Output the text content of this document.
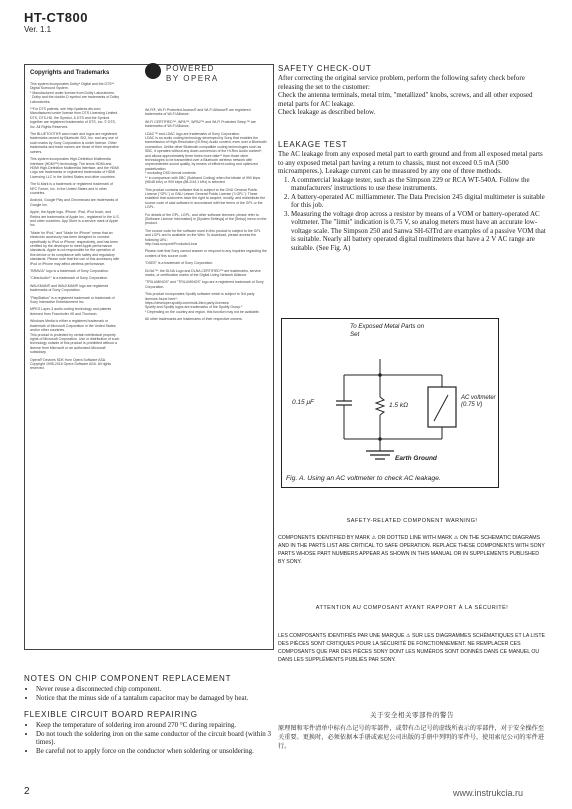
HT-CT800
Ver. 1.1
Copyrights and Trademarks

This system incorporates Dolby* Digital and the DTS** Digital Surround System.
* Manufactured under license from Dolby Laboratories.
Dolby and the double-D symbol are trademarks of Dolby Laboratories.

**For DTS patents, see http://patents.dts.com. Manufactured under license from DTS Licensing Limited. DTS, DTS-HD, the Symbol, & DTS and the Symbol together are registered trademarks of DTS, Inc. © DTS, Inc. All Rights Reserved.

The BLUETOOTH® word mark and logos are registered trademarks owned by Bluetooth SIG, Inc. and any use of such marks by Sony Corporation is under license. Other trademarks and trade names are those of their respective owners.

This system incorporates High-Definition Multimedia Interface (HDMI™) technology. The terms HDMI and HDMI High-Definition Multimedia Interface, and the HDMI Logo are trademarks or registered trademarks of HDMI Licensing LLC in the United States and other countries.

The N-Mark is a trademark or registered trademark of NFC Forum, Inc. in the United States and in other countries.

Android, Google Play and Chromecast are trademarks of Google Inc.

Apple, the Apple logo, iPhone, iPad, iPod touch, and Retina are trademarks of Apple Inc., registered in the U.S. and other countries. App Store is a service mark of Apple Inc.

"Made for iPod," and "Made for iPhone" mean that an electronic accessory has been designed to connect specifically to iPod or iPhone, respectively, and has been certified by the developer to meet Apple performance standards. Apple is not responsible for the operation of this device or its compliance with safety and regulatory standards. Please note that the use of this accessory with iPod or iPhone may affect wireless performance.

"BRAVIA" logo is a trademark of Sony Corporation.

"ClearAudio+" is a trademark of Sony Corporation.

WALKMAN® and WALKMAN® logo are registered trademarks of Sony Corporation.

"PlayStation" is a registered trademark or trademark of Sony Interactive Entertainment Inc.

MPEG Layer-3 audio coding technology and patents licensed from Fraunhofer IIS and Thomson.

Windows Media is either a registered trademark or trademark of Microsoft Corporation in the United States and/or other countries.
This product is protected by certain intellectual property rights of Microsoft Corporation. Use or distribution of such technology outside of this product is prohibited without a license from Microsoft or an authorized Microsoft subsidiary.

Opera® Devices SDK from Opera Software ASA. Copyright 1995-2016 Opera Software ASA. All rights reserved.

POWERED
BY OPERA

Wi-Fi®, Wi-Fi Protected Access® and Wi-Fi Alliance® are registered trademarks of Wi-Fi Alliance.

Wi-Fi CERTIFIED™, WPA™, WPA2™ and Wi-Fi Protected Setup™ are trademarks of Wi-Fi Alliance.

LDAC™ and LDAC logo are trademarks of Sony Corporation.
LDAC is an audio coding technology developed by Sony that enables the transmission of High-Resolution (Hi-Res) Audio content, even over a Bluetooth connection. Unlike other Bluetooth compatible coding technologies such as SBC, it operates without any down-conversion of the Hi-Res Audio content*, and allows approximately three times more data** than those other technologies to be transmitted over a Bluetooth wireless network with unprecedented sound quality, by means of efficient coding and optimized packetization.
* excluding DSD format contents
** in comparison with SBC (Subband Coding) when the bitrate of 990 kbps (96/48 kHz) or 909 kbps (88.2/44.1 kHz) is selected

This product contains software that is subject to the GNU General Public License ("GPL") or GNU Lesser General Public License ("LGPL"). These establish that customers have the right to acquire, modify, and redistribute the source code of said software in accordance with the terms of the GPL or the LGPL.

For details of the GPL, LGPL, and other software licenses, please refer to [Software License Information] in [System Settings] of the [Setup] menu on the product.

The source code for the software used in this product is subject to the GPL and LGPL and is available on the Web. To download, please access the following URL:
http://oss.sony.net/Products/Linux

Please note that Sony cannot answer or respond to any inquiries regarding the content of this source code.

"DSEE" is a trademark of Sony Corporation.

DLNA™, the DLNA Logo and DLNA CERTIFIED™ are trademarks, service marks, or certification marks of the Digital Living Network Alliance.

"TRILUMINOS" and "TRILUMINOS" logo are a registered trademark of Sony Corporation.

This product incorporates Spotify software which is subject to 3rd party licenses found here*:
https://developer.spotify.com/esdk-third-party-licenses/
Spotify and Spotify logos are trademarks of the Spotify Group.*
* Depending on the country and region, this function may not be available.

All other trademarks are trademarks of their respective owners.

NOTES ON CHIP COMPONENT REPLACEMENT
• Never reuse a disconnected chip component.
• Notice that the minus side of a tantalum capacitor may be damaged by heat.
FLEXIBLE CIRCUIT BOARD REPAIRING
• Keep the temperature of soldering iron around 270 °C during repairing.
• Do not touch the soldering iron on the same conductor of the circuit board (within 3 times).
• Be careful not to apply force on the conductor when soldering or unsoldering.
SAFETY CHECK-OUT

After correcting the original service problem, perform the following safety check before releasing the set to the customer:
Check the antenna terminals, metal trim, "metallized" knobs, screws, and all other exposed metal parts for AC leakage.
Check leakage as described below.

LEAKAGE TEST

The AC leakage from any exposed metal part to earth ground and from all exposed metal parts to any exposed metal part having a return to chassis, must not exceed 0.5 mA (500 microamperes.). Leakage current can be measured by any one of three methods.

1. A commercial leakage tester, such as the Simpson 229 or RCA WT-540A. Follow the manufacturers' instructions to use these instruments.
2. A battery-operated AC milliammeter. The Data Precision 245 digital multimeter is suitable for this job.
3. Measuring the voltage drop across a resistor by means of a VOM or battery-operated AC voltmeter. The "limit" indication is 0.75 V, so analog meters must have an accurate low-voltage scale. The Simpson 250 and Sanwa SH-63Trd are examples of a passive VOM that is suitable. Nearly all battery operated digital multimeters that have a 2 V AC range are suitable. (See Fig. A)
To Exposed Metal Parts on Set
0.15 μF	1.5 kΩ
AC voltmeter (0.75 V)
Earth Ground
Fig. A. Using an AC voltmeter to check AC leakage.
SAFETY-RELATED COMPONENT WARNING!
COMPONENTS IDENTIFIED BY MARK ⚠ OR DOTTED LINE WITH MARK ⚠ ON THE SCHEMATIC DIAGRAMS AND IN THE PARTS LIST ARE CRITICAL TO SAFE OPERATION. REPLACE THESE COMPONENTS WITH SONY PARTS WHOSE PART NUMBERS APPEAR AS SHOWN IN THIS MANUAL OR IN SUPPLEMENTS PUBLISHED BY SONY.
ATTENTION AU COMPOSANT AYANT RAPPORT À LA SÉCURITÉ!
LES COMPOSANTS IDENTIFIÉS PAR UNE MARQUE ⚠ SUR LES DIAGRAMMES SCHÉMATIQUES ET LA LISTE DES PIÈCES SONT CRITIQUES POUR LA SÉCURITÉ DE FONCTIONNEMENT. NE REMPLACER CES COMPOSANTS QUE PAR DES PIÈCES SONY DONT LES NUMÉROS SONT DONNÉS DANS CE MANUEL OU DANS LES SUPPLÉMENTS PUBLIÉS PAR SONY.
关于安全相关零部件的警告
原理图和零件清单中标有⚠记号的零部件，或带有⚠记号的虚线所表示的零部件，对于安全操作至关重要。更换时，必须依据本手册或索尼公司出版的手册中列明的零件号，使用索尼公司的零件进行。
2	www.instrukcia.ru
